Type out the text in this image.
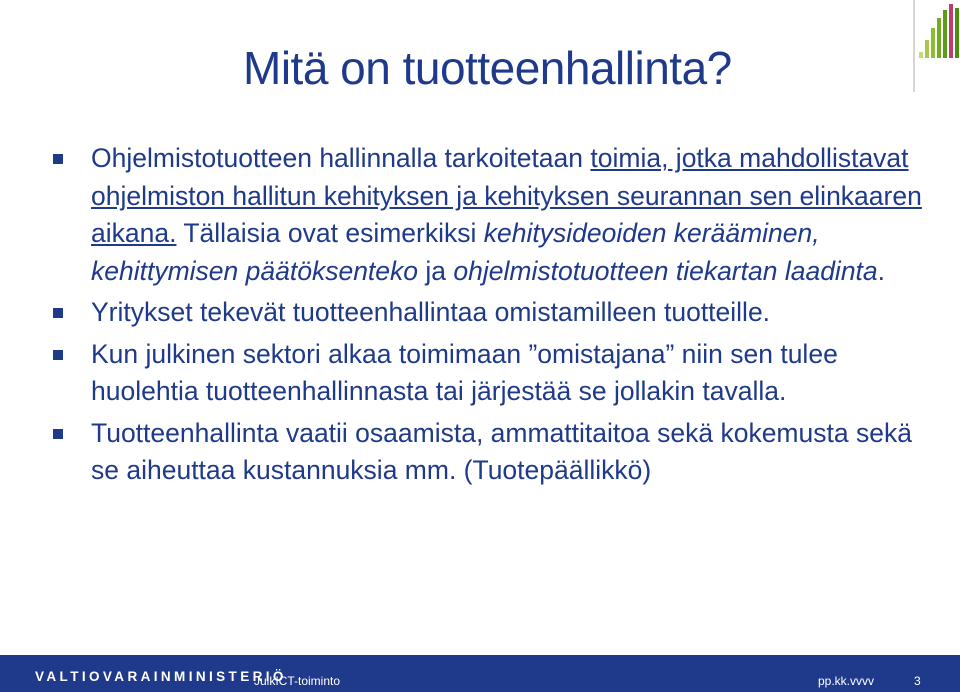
Mitä on tuotteenhallinta?
Ohjelmistotuotteen hallinnalla tarkoitetaan toimia, jotka mahdollistavat ohjelmiston hallitun kehityksen ja kehityksen seurannan sen elinkaaren aikana. Tällaisia ovat esimerkiksi kehitysideoiden kerääminen, kehittymisen päätöksenteko ja ohjelmistotuotteen tiekartan laadinta.
Yritykset tekevät tuotteenhallintaa omistamilleen tuotteille.
Kun julkinen sektori alkaa toimimaan ”omistajana” niin sen tulee huolehtia tuotteenhallinnasta tai järjestää se jollakin tavalla.
Tuotteenhallinta vaatii osaamista, ammattitaitoa sekä kokemusta sekä se aiheuttaa kustannuksia mm. (Tuotepäällikkö)
VALTIOVARAINMINISTERIÖ
JulkICT-toiminto	pp.kk.vvvv	3
